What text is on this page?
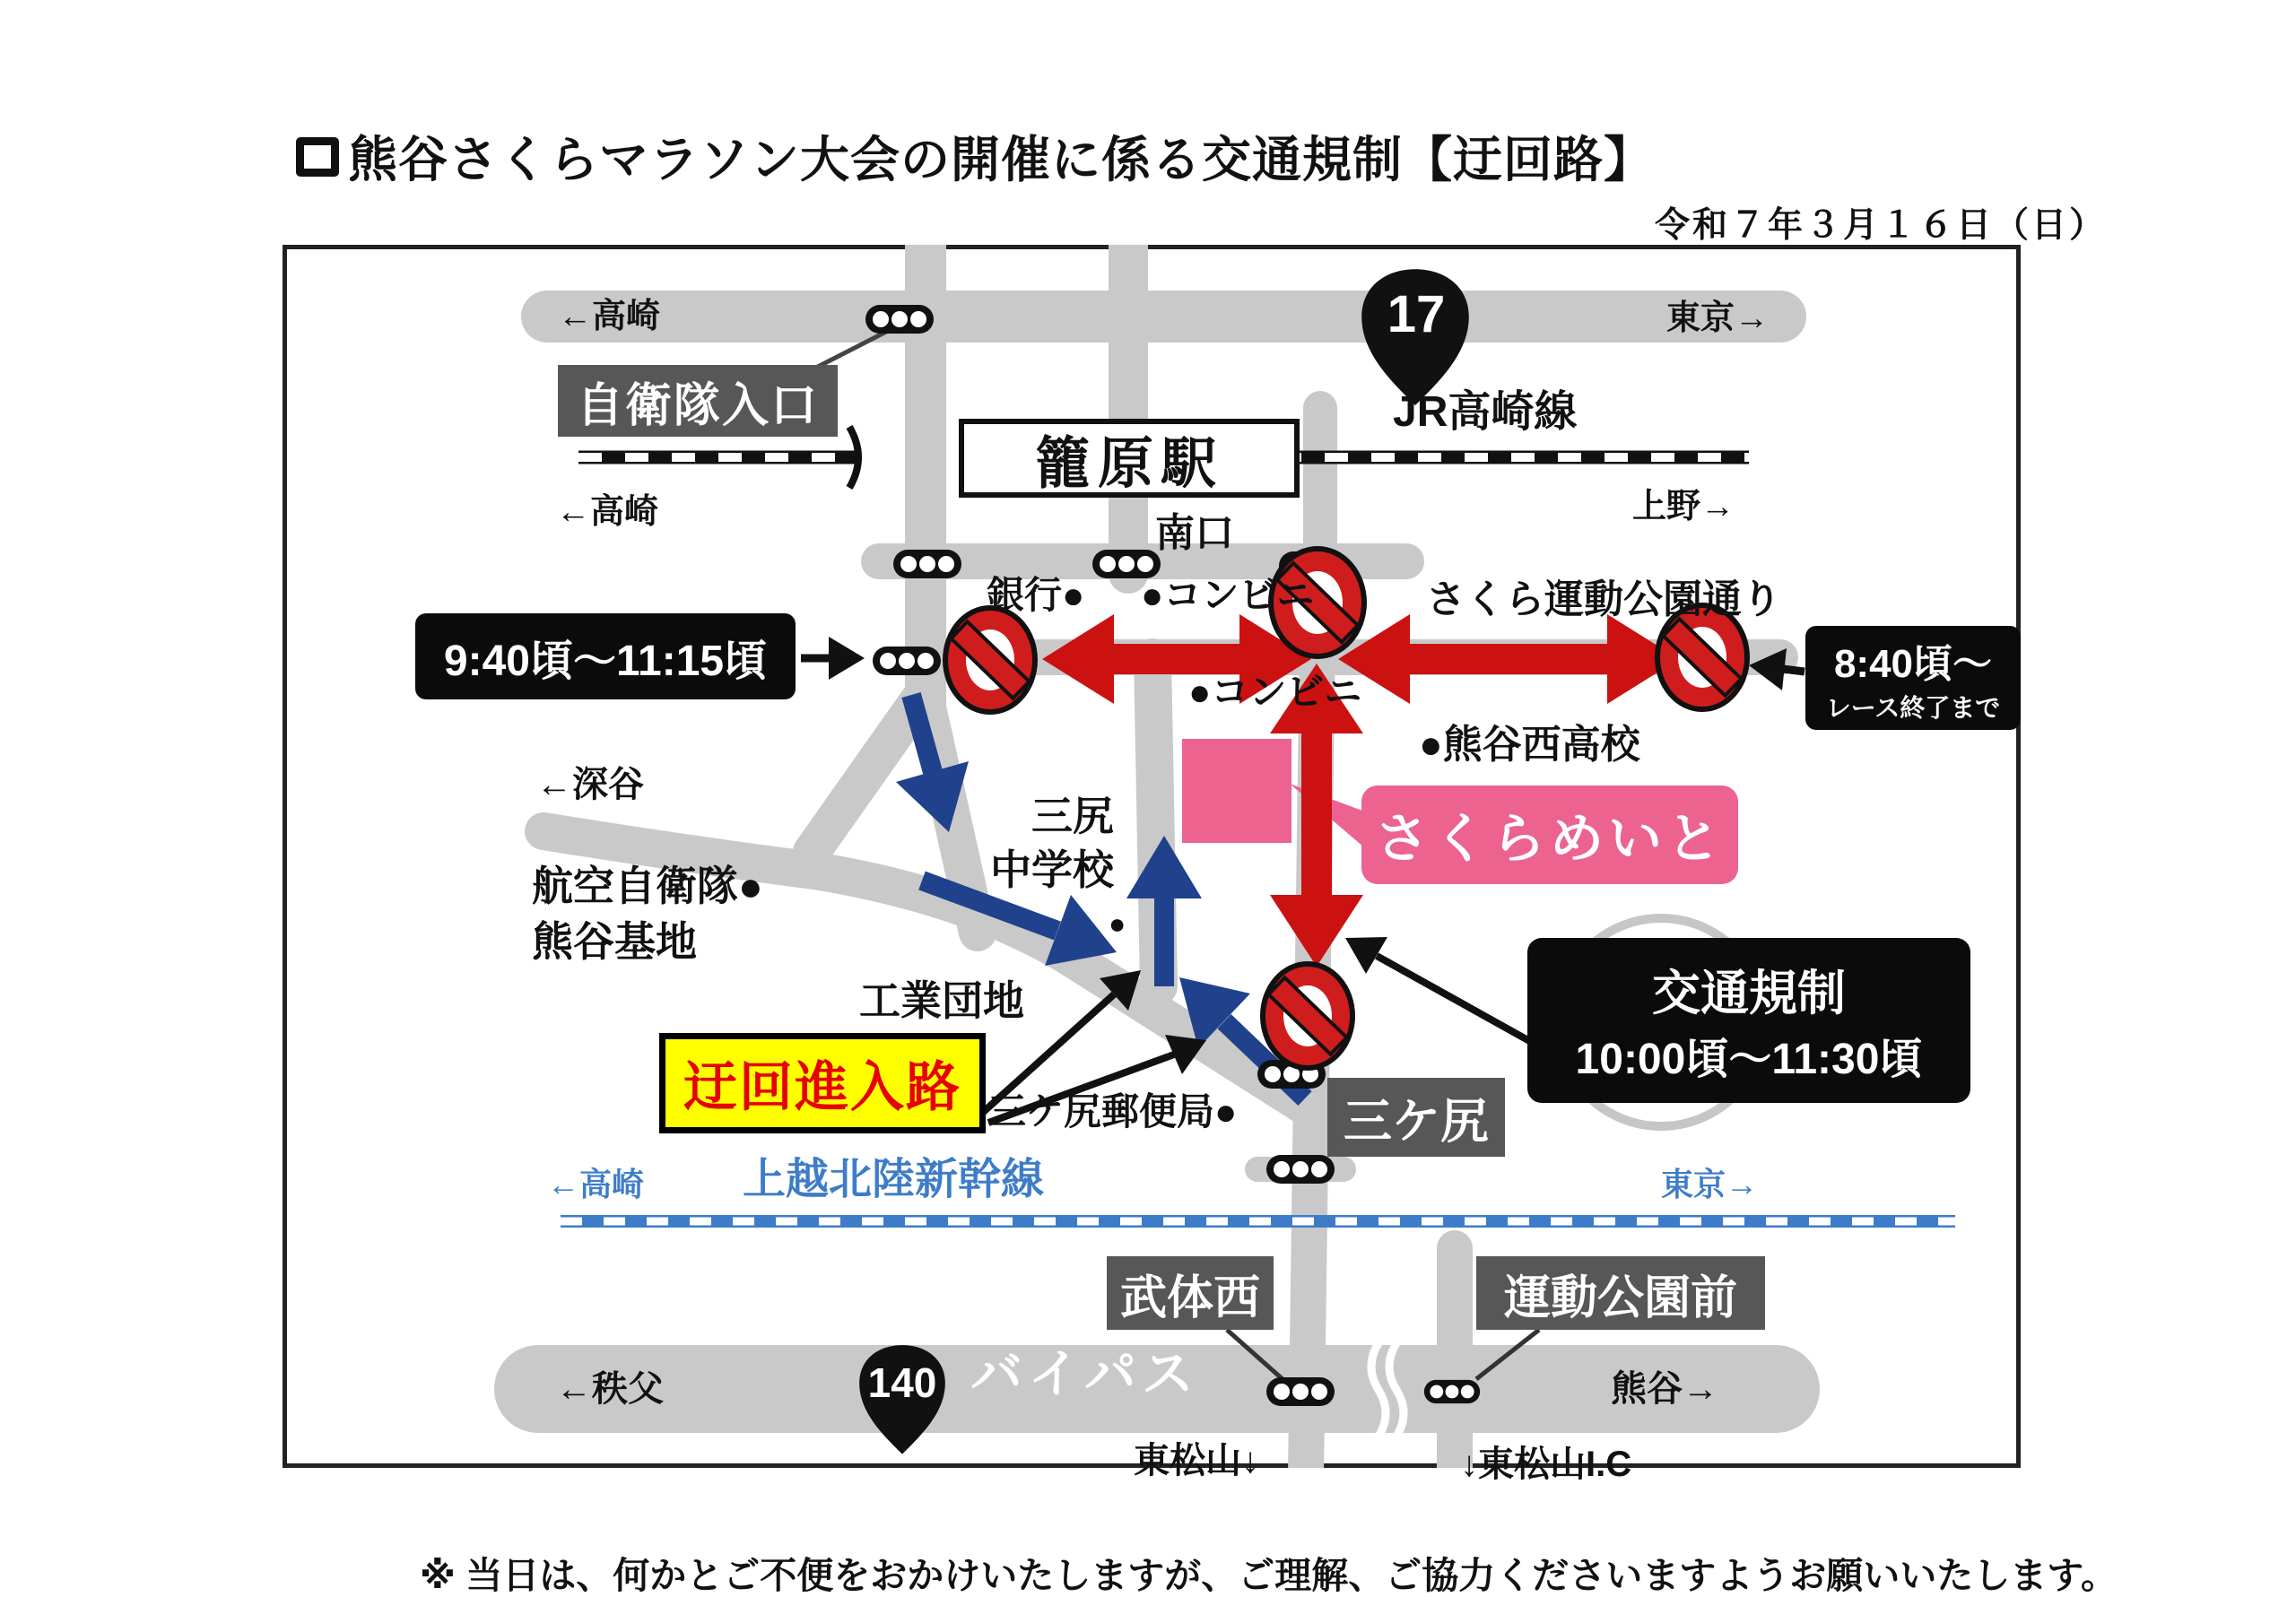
熊谷さくらマラソン大会の開催に係る交通規制【迂回路】
令和７年３月１６日（日）
※ 当日は、何かとご不便をおかけいたしますが、ご理解、ご協力くださいますようお願いいたします。
←高崎	東京→
17
JR高崎線
籠原駅
←高崎	上野→
自衛隊入口
南口
銀行● ●コンビニ
●コンビニ
さくら運動公園通り
●熊谷西高校
三尻
中学校
●
←深谷
航空自衛隊●
熊谷基地
工業団地
三ケ尻郵便局●
迂回進入路
さくらめいと
三ケ尻
9:40頃～11:15頃	8:40頃～
レース終了まで
交通規制
10:00頃～11:30頃
←高崎 上越北陸新幹線	東京→
武体西	運動公園前
←秩父	140 バイパス	熊谷→
東松山↓	↓東松山I.C
